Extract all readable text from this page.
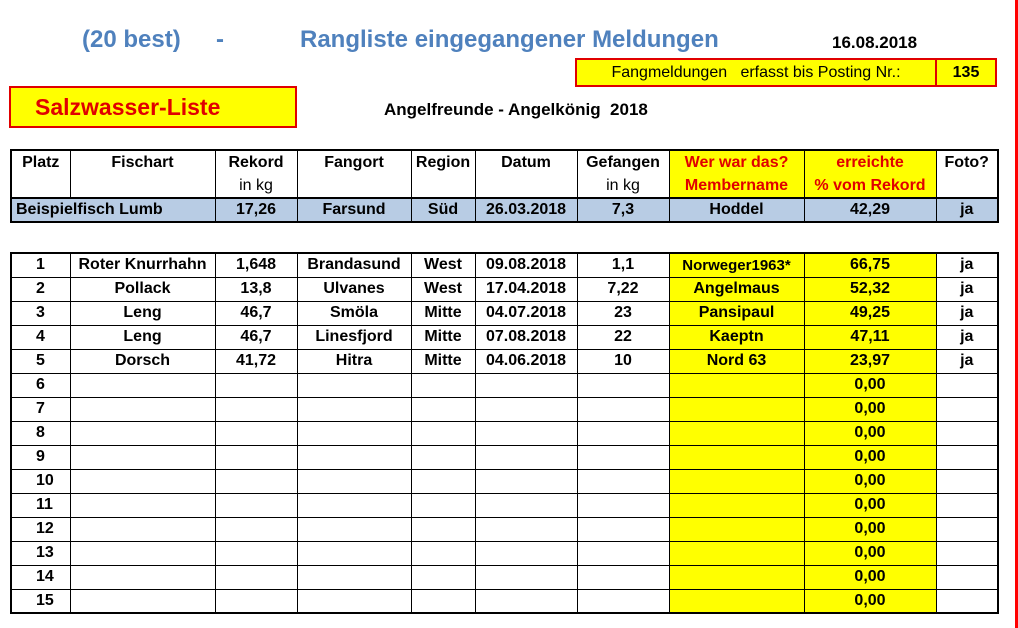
(20 best) -	Rangliste eingegangener Meldungen	16.08.2018
Fangmeldungen   erfasst bis Posting Nr.:	135
Salzwasser-Liste	Angelfreunde - Angelkönig  2018
Platz	Fischart	Rekord	Fangort	Region	Datum	Gefangen	Wer war das?	erreichte	Foto?
		in kg				in kg	Membername	% vom Rekord	
Beispielfisch Lumb		17,26	Farsund	Süd	26.03.2018	7,3	Hoddel	42,29	ja
1	Roter Knurrhahn	1,648	Brandasund	West	09.08.2018	1,1	Norweger1963*	66,75	ja
2	Pollack	13,8	Ulvanes	West	17.04.2018	7,22	Angelmaus	52,32	ja
3	Leng	46,7	Smöla	Mitte	04.07.2018	23	Pansipaul	49,25	ja
4	Leng	46,7	Linesfjord	Mitte	07.08.2018	22	Kaeptn	47,11	ja
5	Dorsch	41,72	Hitra	Mitte	04.06.2018	10	Nord 63	23,97	ja
6								0,00	
7								0,00	
8								0,00	
9								0,00	
10								0,00	
11								0,00	
12								0,00	
13								0,00	
14								0,00	
15								0,00	
